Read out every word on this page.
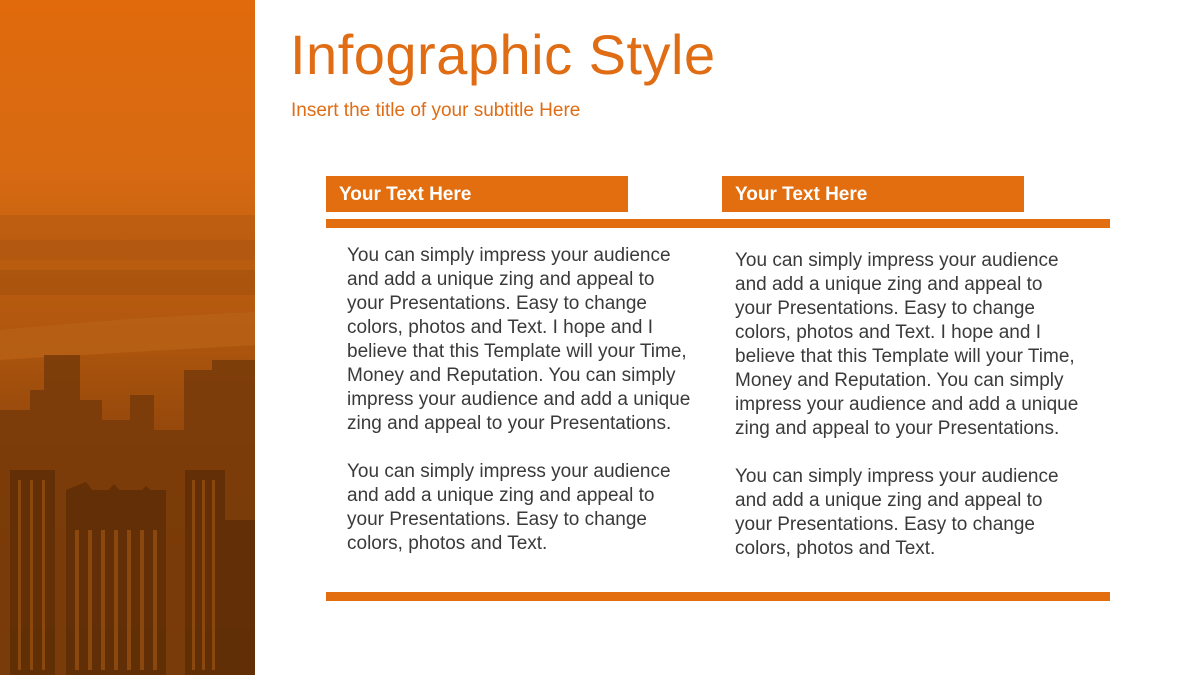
Infographic Style
Insert the title of your subtitle Here
Your Text Here	Your Text Here

You can simply impress your audience and add a unique zing and appeal to your Presentations. Easy to change colors, photos and Text. I hope and I believe that this Template will your Time, Money and Reputation. You can simply impress your audience and add a unique zing and appeal to your Presentations.

You can simply impress your audience and add a unique zing and appeal to your Presentations. Easy to change colors, photos and Text.

You can simply impress your audience and add a unique zing and appeal to your Presentations. Easy to change colors, photos and Text. I hope and I believe that this Template will your Time, Money and Reputation. You can simply impress your audience and add a unique zing and appeal to your Presentations.

You can simply impress your audience and add a unique zing and appeal to your Presentations. Easy to change colors, photos and Text.
